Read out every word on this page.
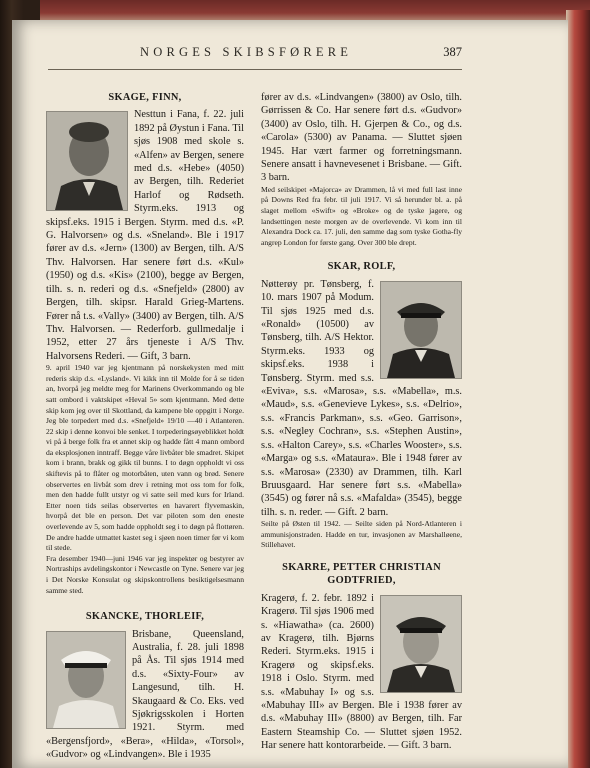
NORGES SKIBSFØRERE	387
SKAGE, FINN,

Nesttun i Fana, f. 22. juli 1892 på Øystun i Fana. Til sjøs 1908 med skole s. «Alfen» av Bergen, senere med d.s. «Hebe» (4050) av Bergen, tilh. Rederiet Harlof og Rødseth. Styrm.eks. 1913 og skipsf.eks. 1915 i Bergen. Styrm. med d.s. «P. G. Halvorsen» og d.s. «Sneland». Ble i 1917 fører av d.s. «Jern» (1300) av Bergen, tilh. A/S Thv. Halvorsen. Har senere ført d.s. «Kul» (1950) og d.s. «Kis» (2100), begge av Bergen, tilh. s. n. rederi og d.s. «Snefjeld» (2800) av Bergen, tilh. skipsr. Harald Grieg-Martens. Fører nå t.s. «Vally» (3400) av Bergen, tilh. A/S Thv. Halvorsen. — Rederforb. gullmedalje i 1952, etter 27 års tjeneste i A/S Thv. Halvorsens Rederi. — Gift, 3 barn.

9. april 1940 var jeg kjentmann på norskekysten med mitt rederis skip d.s. «Lysland». Vi kikk inn til Molde for å se tiden an, hvorpå jeg meldte meg for Marinens Overkommando og ble satt ombord i vaktskipet «Heval 5» som kjentmann. Med dette skip kom jeg over til Skottland, da kampene ble oppgitt i Norge. Jeg ble torpedert med d.s. «Snefjeld» 19/10 —40 i Atlanteren. 22 skip i denne konvoi ble senket. I torpederingsøyeblikket holdt vi på å berge folk fra et annet skip og hadde fått 4 mann ombord da eksplosjonen inntraff. Begge våre livbåter ble smadret. Skipet kom i brann, brakk og gikk til bunns. I to døgn oppholdt vi oss skiftevis på to flåter og motorbåten, uten vann og brød. Senere observertes en livbåt som drev i retning mot oss tom for folk, men den hadde fullt utstyr og vi satte seil med kurs for Irland. Etter noen tids seilas observertes en havarert flyvemaskin, hvorpå det ble en person. Det var piloten som den eneste overlevende av 5, som hadde oppholdt seg i to døgn på flottøren. De andre hadde utmattet kastet seg i sjøen noen timer før vi kom til stede.

Fra desember 1940—juni 1946 var jeg inspektør og bestyrer av Nortraships avdelingskontor i Newcastle on Tyne. Senere var jeg i Det Norske Konsulat og skipskontrollens besiktigelsesmann samme sted.

SKANCKE, THORLEIF,

Brisbane, Queensland, Australia, f. 28. juli 1898 på Ås. Til sjøs 1914 med d.s. «Sixty-Four» av Langesund, tilh. H. Skaugaard & Co. Eks. ved Sjøkrigsskolen i Horten 1921. Styrm. med «Bergensfjord», «Bera», «Hilda», «Torsol», «Gudvor» og «Lindvangen». Ble i 1935

fører av d.s. «Lindvangen» (3800) av Oslo, tilh. Gørrissen & Co. Har senere ført d.s. «Gudvor» (3400) av Oslo, tilh. H. Gjerpen & Co., og d.s. «Carola» (5300) av Panama. — Sluttet sjøen 1945. Har vært farmer og forretningsmann. Senere ansatt i havnevesenet i Brisbane. — Gift. 3 barn.

Med seilskipet «Majorca» av Drammen, lå vi med full last inne på Downs Red fra febr. til juli 1917. Vi så herunder bl. a. på slaget mellom «Swift» og «Broke» og de tyske jagere, og landsettingen neste morgen av de overlevende. Vi kom inn til Alexandra Dock ca. 17. juli, den samme dag som tyske Gotha-fly angrep London for første gang. Over 300 ble drept.

SKAR, ROLF,

Nøtterøy pr. Tønsberg, f. 10. mars 1907 på Modum. Til sjøs 1925 med d.s. «Ronald» (10500) av Tønsberg, tilh. A/S Hektor. Styrm.eks. 1933 og skipsf.eks. 1938 i Tønsberg. Styrm. med s.s. «Eviva», s.s. «Marosa», s.s. «Mabella», m.s. «Maud», s.s. «Genevieve Lykes», s.s. «Delrio», s.s. «Francis Parkman», s.s. «Geo. Garrison», s.s. «Negley Cochran», s.s. «Stephen Austin», s.s. «Halton Carey», s.s. «Charles Wooster», s.s. «Marga» og s.s. «Mataura». Ble i 1948 fører av s.s. «Marosa» (2330) av Drammen, tilh. Karl Bruusgaard. Har senere ført s.s. «Mabella» (3545) og fører nå s.s. «Mafalda» (3545), begge tilh. s. n. reder. — Gift. 2 barn.

Seilte på Østen til 1942. — Seilte siden på Nord-Atlanteren i ammunisjonstraden. Hadde en tur, invasjonen av Marshalløene, Stillehavet.

SKARRE, PETTER CHRISTIAN
GODTFRIED,

Kragerø, f. 2. febr. 1892 i Kragerø. Til sjøs 1906 med s. «Hiawatha» (ca. 2600) av Kragerø, tilh. Bjørns Rederi. Styrm.eks. 1915 i Kragerø og skipsf.eks. 1918 i Oslo. Styrm. med s.s. «Mabuhay I» og s.s. «Mabuhay III» av Bergen. Ble i 1938 fører av d.s. «Mabuhay III» (8800) av Bergen, tilh. Far Eastern Steamship Co. — Sluttet sjøen 1952. Har senere hatt kontorarbeide. — Gift. 3 barn.
